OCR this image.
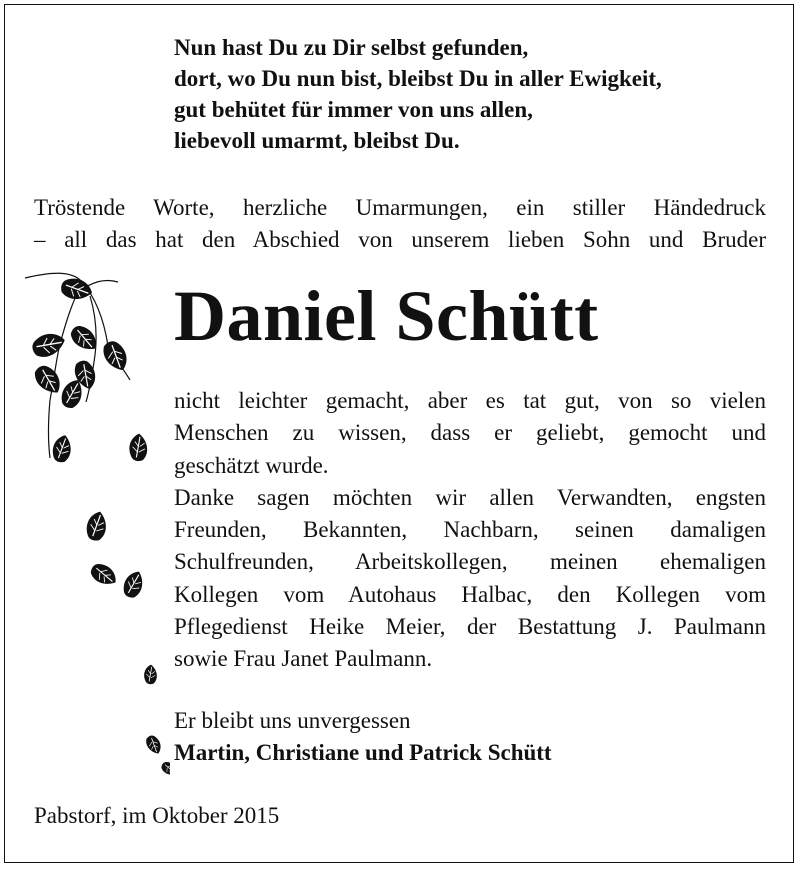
Nun hast Du zu Dir selbst gefunden,
dort, wo Du nun bist, bleibst Du in aller Ewigkeit,
gut behütet für immer von uns allen,
liebevoll umarmt, bleibst Du.
Tröstende Worte, herzliche Umarmungen, ein stiller Händedruck
– all das hat den Abschied von unserem lieben Sohn und Bruder
Daniel Schütt
nicht leichter gemacht, aber es tat gut, von so vielen
Menschen zu wissen, dass er geliebt, gemocht und
geschätzt wurde.
Danke sagen möchten wir allen Verwandten, engsten
Freunden, Bekannten, Nachbarn, seinen damaligen
Schulfreunden, Arbeitskollegen, meinen ehemaligen
Kollegen vom Autohaus Halbac, den Kollegen vom
Pflegedienst Heike Meier, der Bestattung J. Paulmann
sowie Frau Janet Paulmann.
Er bleibt uns unvergessen
Martin, Christiane und Patrick Schütt
Pabstorf, im Oktober 2015
